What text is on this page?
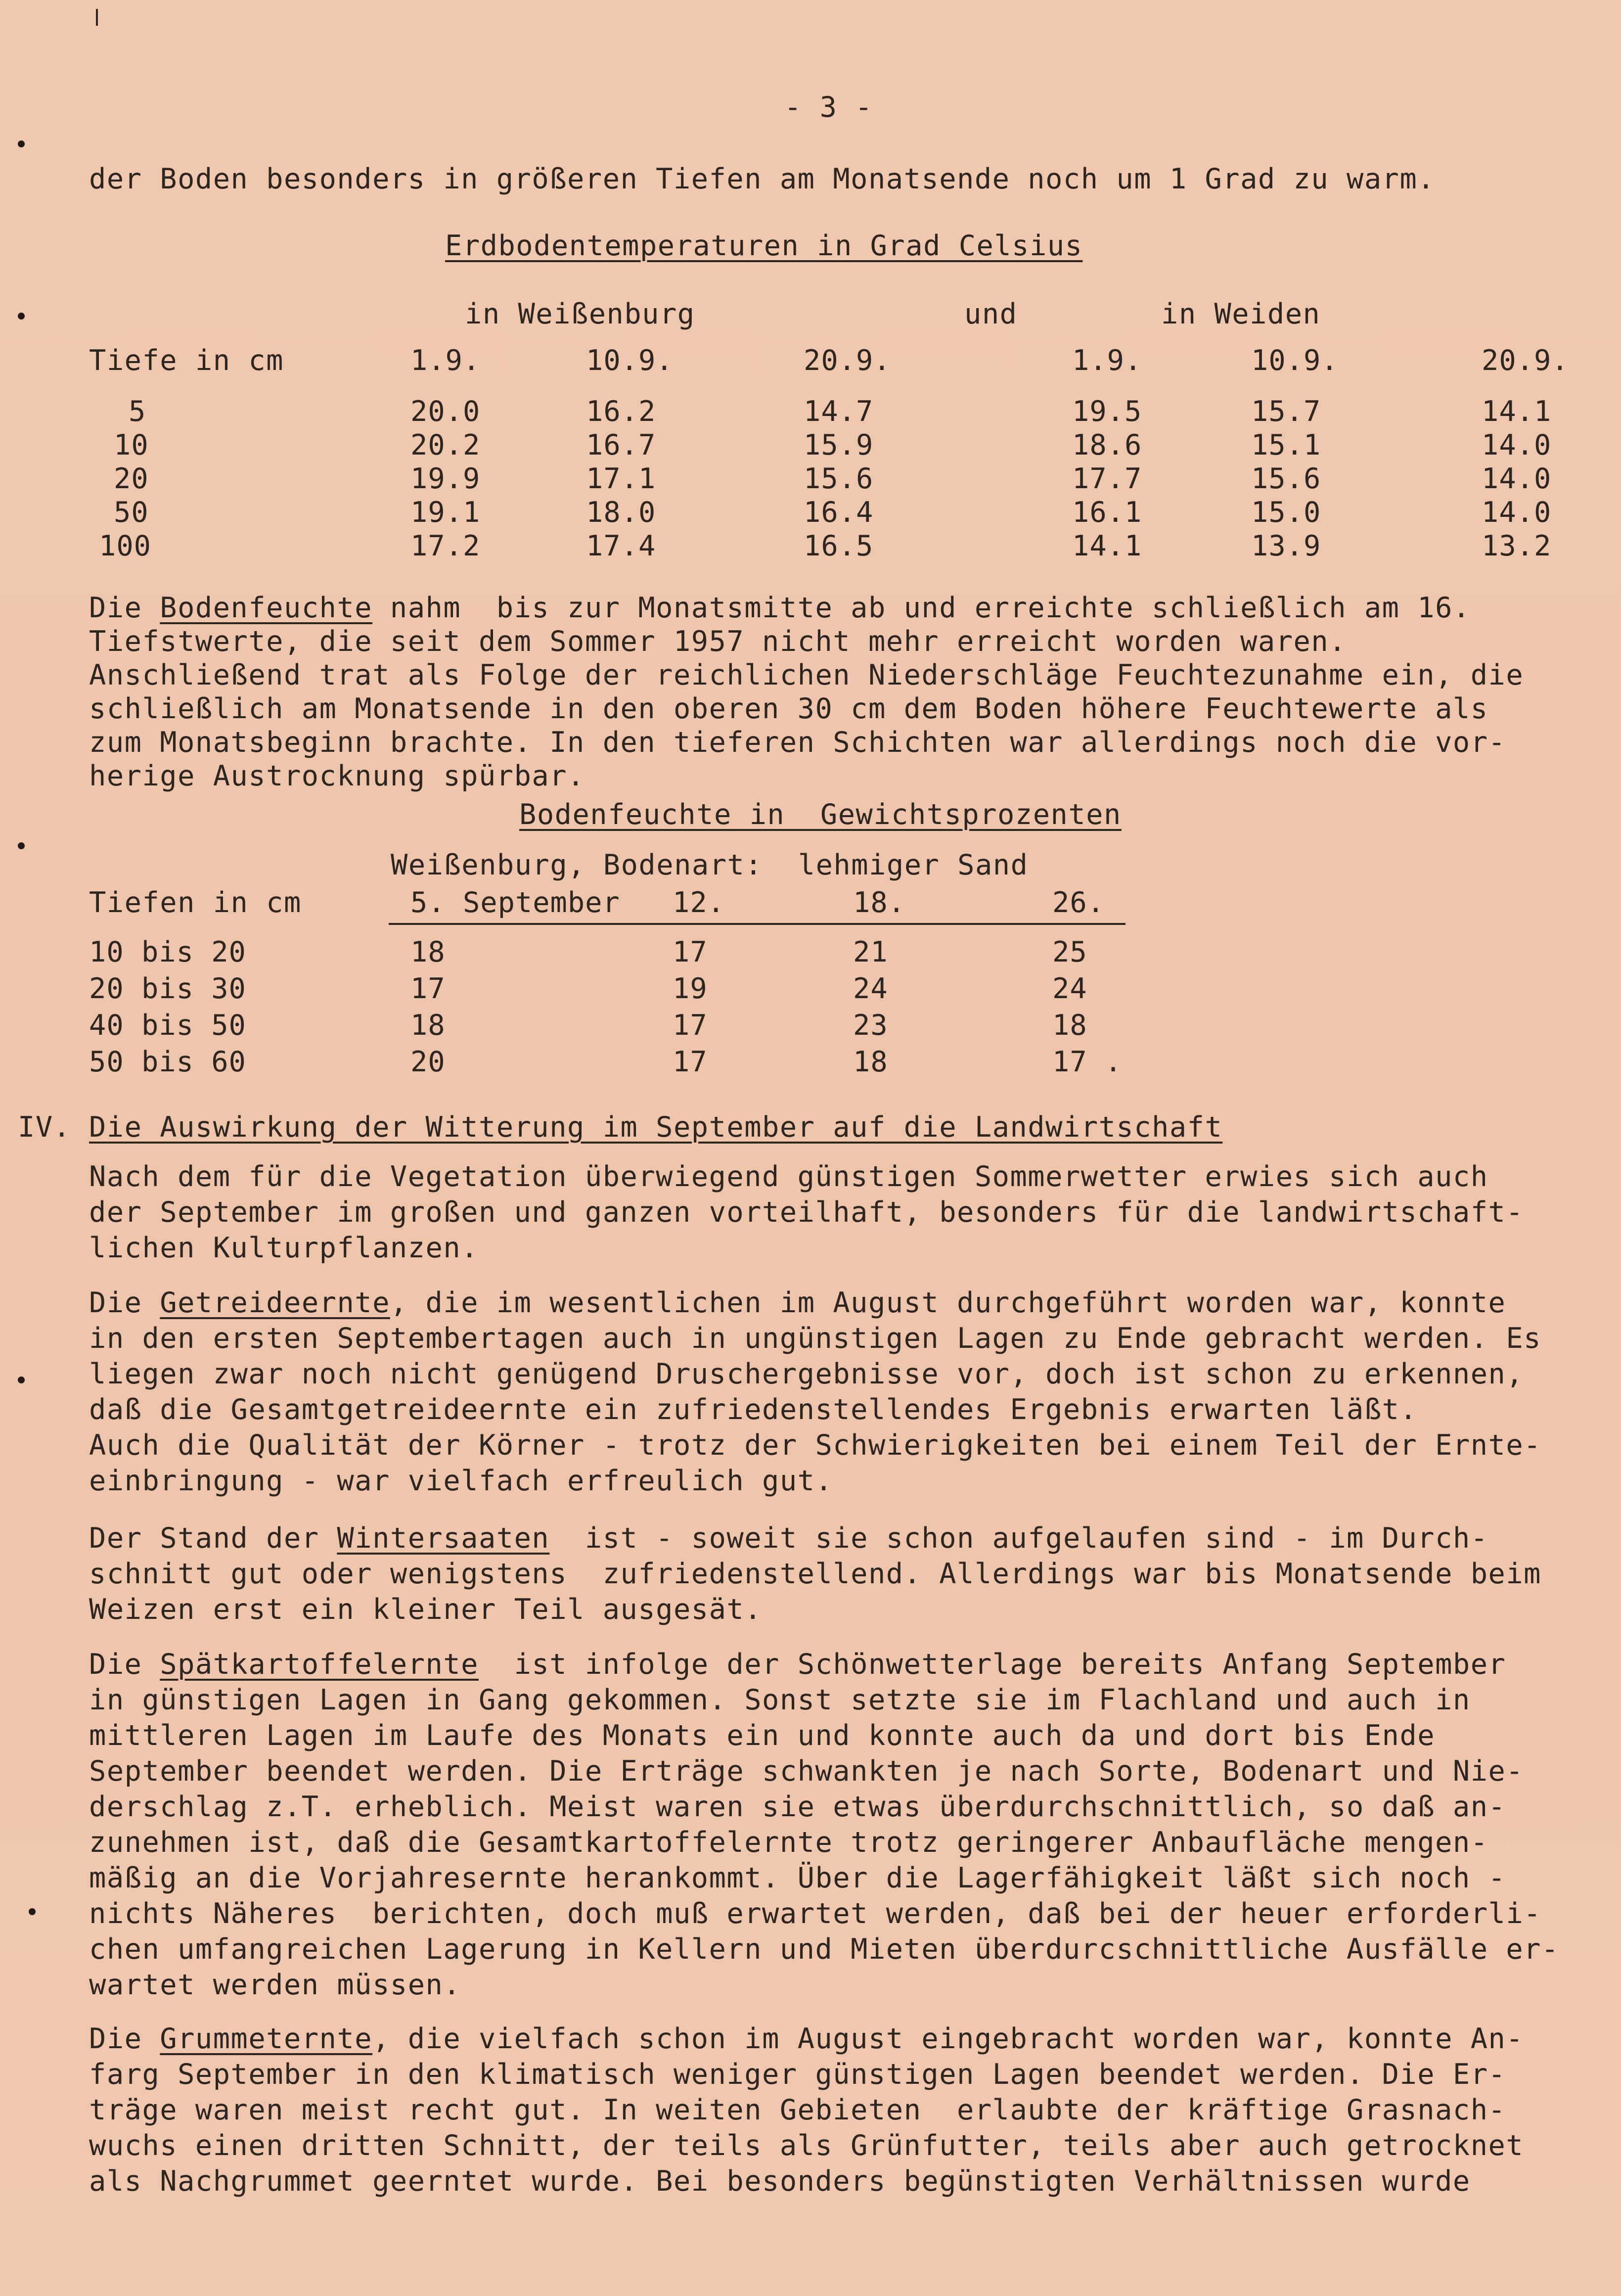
- 3 -
der Boden besonders in größeren Tiefen am Monatsende noch um 1 Grad zu warm.
Erdbodentemperaturen in Grad Celsius
in Weißenburg	und	in Weiden
Tiefe in cm	1.9.	10.9.	20.9.	1.9.	10.9.	20.9.
5	20.0	16.2	14.7	19.5	15.7	14.1
10	20.2	16.7	15.9	18.6	15.1	14.0
20	19.9	17.1	15.6	17.7	15.6	14.0
50	19.1	18.0	16.4	16.1	15.0	14.0
100	17.2	17.4	16.5	14.1	13.9	13.2
Die Bodenfeuchte nahm  bis zur Monatsmitte ab und erreichte schließlich am 16.
Tiefstwerte, die seit dem Sommer 1957 nicht mehr erreicht worden waren.
Anschließend trat als Folge der reichlichen Niederschläge Feuchtezunahme ein, die
schließlich am Monatsende in den oberen 30 cm dem Boden höhere Feuchtewerte als
zum Monatsbeginn brachte. In den tieferen Schichten war allerdings noch die vor-
herige Austrocknung spürbar.
Bodenfeuchte in  Gewichtsprozenten
Weißenburg, Bodenart:  lehmiger Sand
Tiefen in cm	5. September 12.	18.	26.
10 bis 20	18	17	21	25
20 bis 30	17	19	24	24
40 bis 50	18	17	23	18
50 bis 60	20	17	18	17 .
IV. Die Auswirkung der Witterung im September auf die Landwirtschaft
Nach dem für die Vegetation überwiegend günstigen Sommerwetter erwies sich auch
der September im großen und ganzen vorteilhaft, besonders für die landwirtschaft-
lichen Kulturpflanzen.
Die Getreideernte, die im wesentlichen im August durchgeführt worden war, konnte
in den ersten Septembertagen auch in ungünstigen Lagen zu Ende gebracht werden. Es
liegen zwar noch nicht genügend Druschergebnisse vor, doch ist schon zu erkennen,
daß die Gesamtgetreideernte ein zufriedenstellendes Ergebnis erwarten läßt.
Auch die Qualität der Körner - trotz der Schwierigkeiten bei einem Teil der Ernte-
einbringung - war vielfach erfreulich gut.
Der Stand der Wintersaaten  ist - soweit sie schon aufgelaufen sind - im Durch-
schnitt gut oder wenigstens  zufriedenstellend. Allerdings war bis Monatsende beim
Weizen erst ein kleiner Teil ausgesät.
Die Spätkartoffelernte  ist infolge der Schönwetterlage bereits Anfang September
in günstigen Lagen in Gang gekommen. Sonst setzte sie im Flachland und auch in
mittleren Lagen im Laufe des Monats ein und konnte auch da und dort bis Ende
September beendet werden. Die Erträge schwankten je nach Sorte, Bodenart und Nie-
derschlag z.T. erheblich. Meist waren sie etwas überdurchschnittlich, so daß an-
zunehmen ist, daß die Gesamtkartoffelernte trotz geringerer Anbaufläche mengen-
mäßig an die Vorjahresernte herankommt. Über die Lagerfähigkeit läßt sich noch -
nichts Näheres  berichten, doch muß erwartet werden, daß bei der heuer erforderli-
chen umfangreichen Lagerung in Kellern und Mieten überdurcschnittliche Ausfälle er-
wartet werden müssen.
Die Grummeternte, die vielfach schon im August eingebracht worden war, konnte An-
farg September in den klimatisch weniger günstigen Lagen beendet werden. Die Er-
träge waren meist recht gut. In weiten Gebieten  erlaubte der kräftige Grasnach-
wuchs einen dritten Schnitt, der teils als Grünfutter, teils aber auch getrocknet
als Nachgrummet geerntet wurde. Bei besonders begünstigten Verhältnissen wurde
